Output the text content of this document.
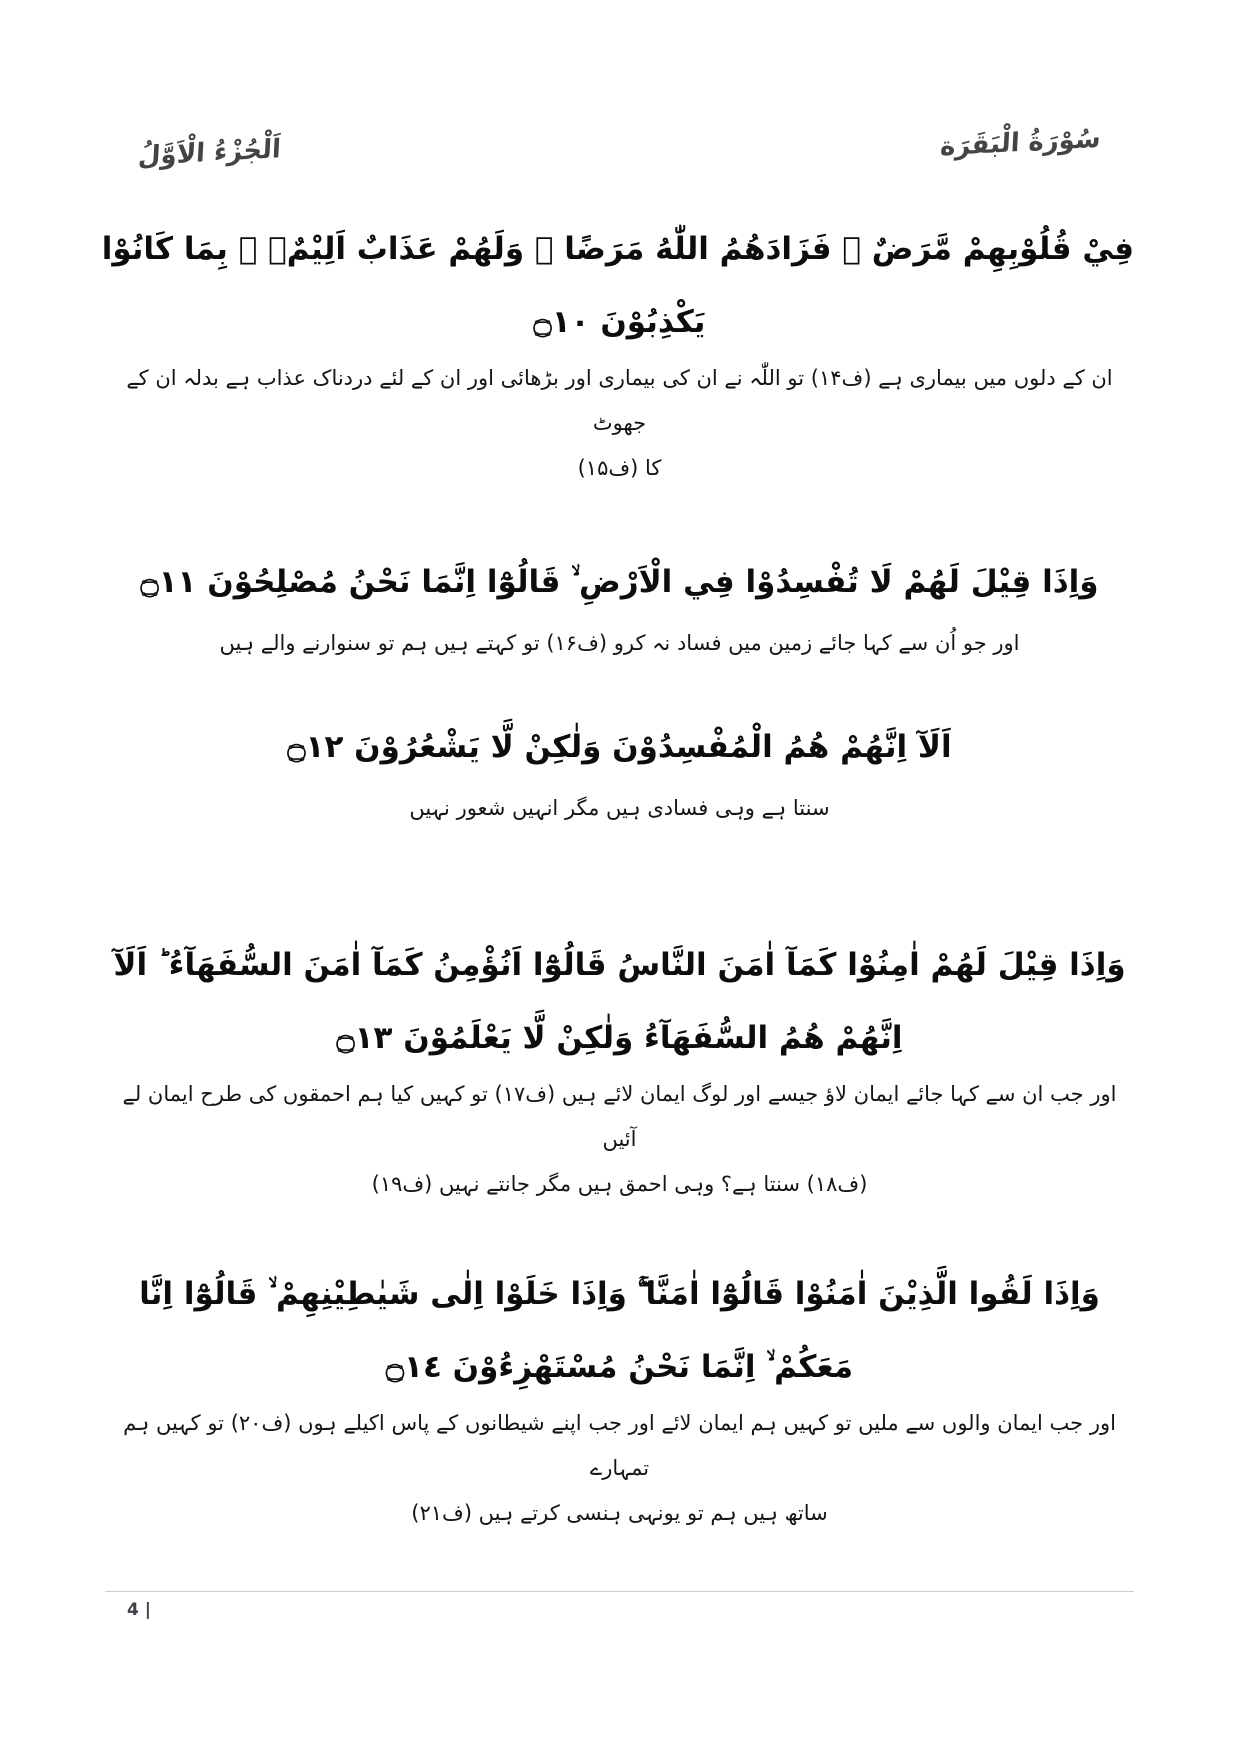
اَلْجُزْءُ الْاَوَّلُ	سُوْرَةُ الْبَقَرَة
فِيْ قُلُوْبِهِمْ مَّرَضٌ ۙ فَزَادَهُمُ اللّٰهُ مَرَضًا ۚ وَلَهُمْ عَذَابٌ اَلِيْمٌۢ ۙ بِمَا كَانُوْا
يَكْذِبُوْنَ ۝١٠
ان کے دلوں میں بیماری ہے (ف۱۴) تو اللّٰہ نے ان کی بیماری اور بڑھائی اور ان کے لئے دردناک عذاب ہے بدلہ ان کے جھوٹ
کا (ف۱۵)
وَاِذَا قِيْلَ لَهُمْ لَا تُفْسِدُوْا فِي الْاَرْضِ ۙ قَالُوْٓا اِنَّمَا نَحْنُ مُصْلِحُوْنَ ۝١١
اور جو اُن سے کہا جائے زمین میں فساد نہ کرو (ف۱۶) تو کہتے ہیں ہم تو سنوارنے والے ہیں
اَلَآ اِنَّهُمْ هُمُ الْمُفْسِدُوْنَ وَلٰكِنْ لَّا يَشْعُرُوْنَ ۝١٢
سنتا ہے وہی فسادی ہیں مگر انہیں شعور نہیں
وَاِذَا قِيْلَ لَهُمْ اٰمِنُوْا كَمَآ اٰمَنَ النَّاسُ قَالُوْٓا اَنُؤْمِنُ كَمَآ اٰمَنَ السُّفَهَآءُ ؕ اَلَآ
اِنَّهُمْ هُمُ السُّفَهَآءُ وَلٰكِنْ لَّا يَعْلَمُوْنَ ۝١٣
اور جب ان سے کہا جائے ایمان لاؤ جیسے اور لوگ ایمان لائے ہیں (ف۱۷) تو کہیں کیا ہم احمقوں کی طرح ایمان لے آئیں
(ف۱۸) سنتا ہے؟ وہی احمق ہیں مگر جانتے نہیں (ف۱۹)
وَاِذَا لَقُوا الَّذِيْنَ اٰمَنُوْا قَالُوْٓا اٰمَنَّا ۚۖ وَاِذَا خَلَوْا اِلٰى شَيٰطِيْنِهِمْ ۙ قَالُوْٓا اِنَّا
مَعَكُمْ ۙ اِنَّمَا نَحْنُ مُسْتَهْزِءُوْنَ ۝١٤
اور جب ایمان والوں سے ملیں تو کہیں ہم ایمان لائے اور جب اپنے شیطانوں کے پاس اکیلے ہوں (ف۲۰) تو کہیں ہم تمہارے
ساتھ ہیں ہم تو یونہی ہنسی کرتے ہیں (ف۲۱)
4 |
